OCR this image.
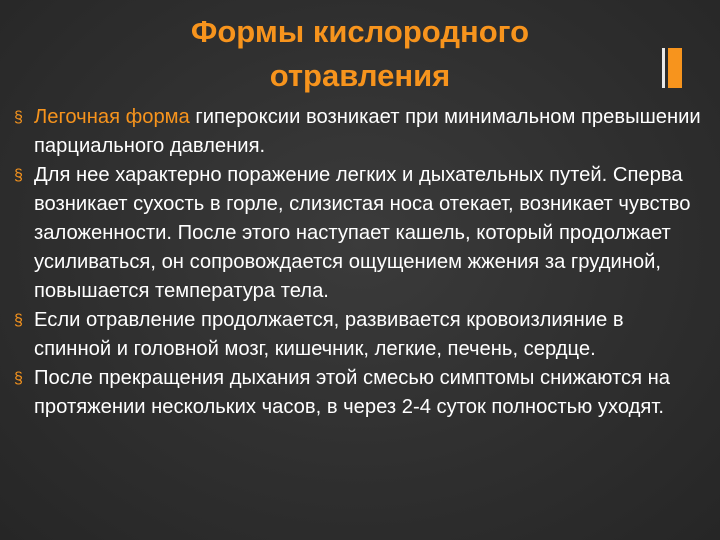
Формы кислородного
отравления
§ Легочная форма гипероксии возникает при минимальном превышении парциального давления.
§ Для нее характерно поражение легких и дыхательных путей. Сперва возникает сухость в горле, слизистая носа отекает, возникает чувство заложенности. После этого наступает кашель, который продолжает усиливаться, он сопровождается ощущением жжения за грудиной, повышается температура тела.
§ Если отравление продолжается, развивается кровоизлияние в спинной и головной мозг, кишечник, легкие, печень, сердце.
§ После прекращения дыхания этой смесью симптомы снижаются на протяжении нескольких часов, в через 2-4 суток полностью уходят.
